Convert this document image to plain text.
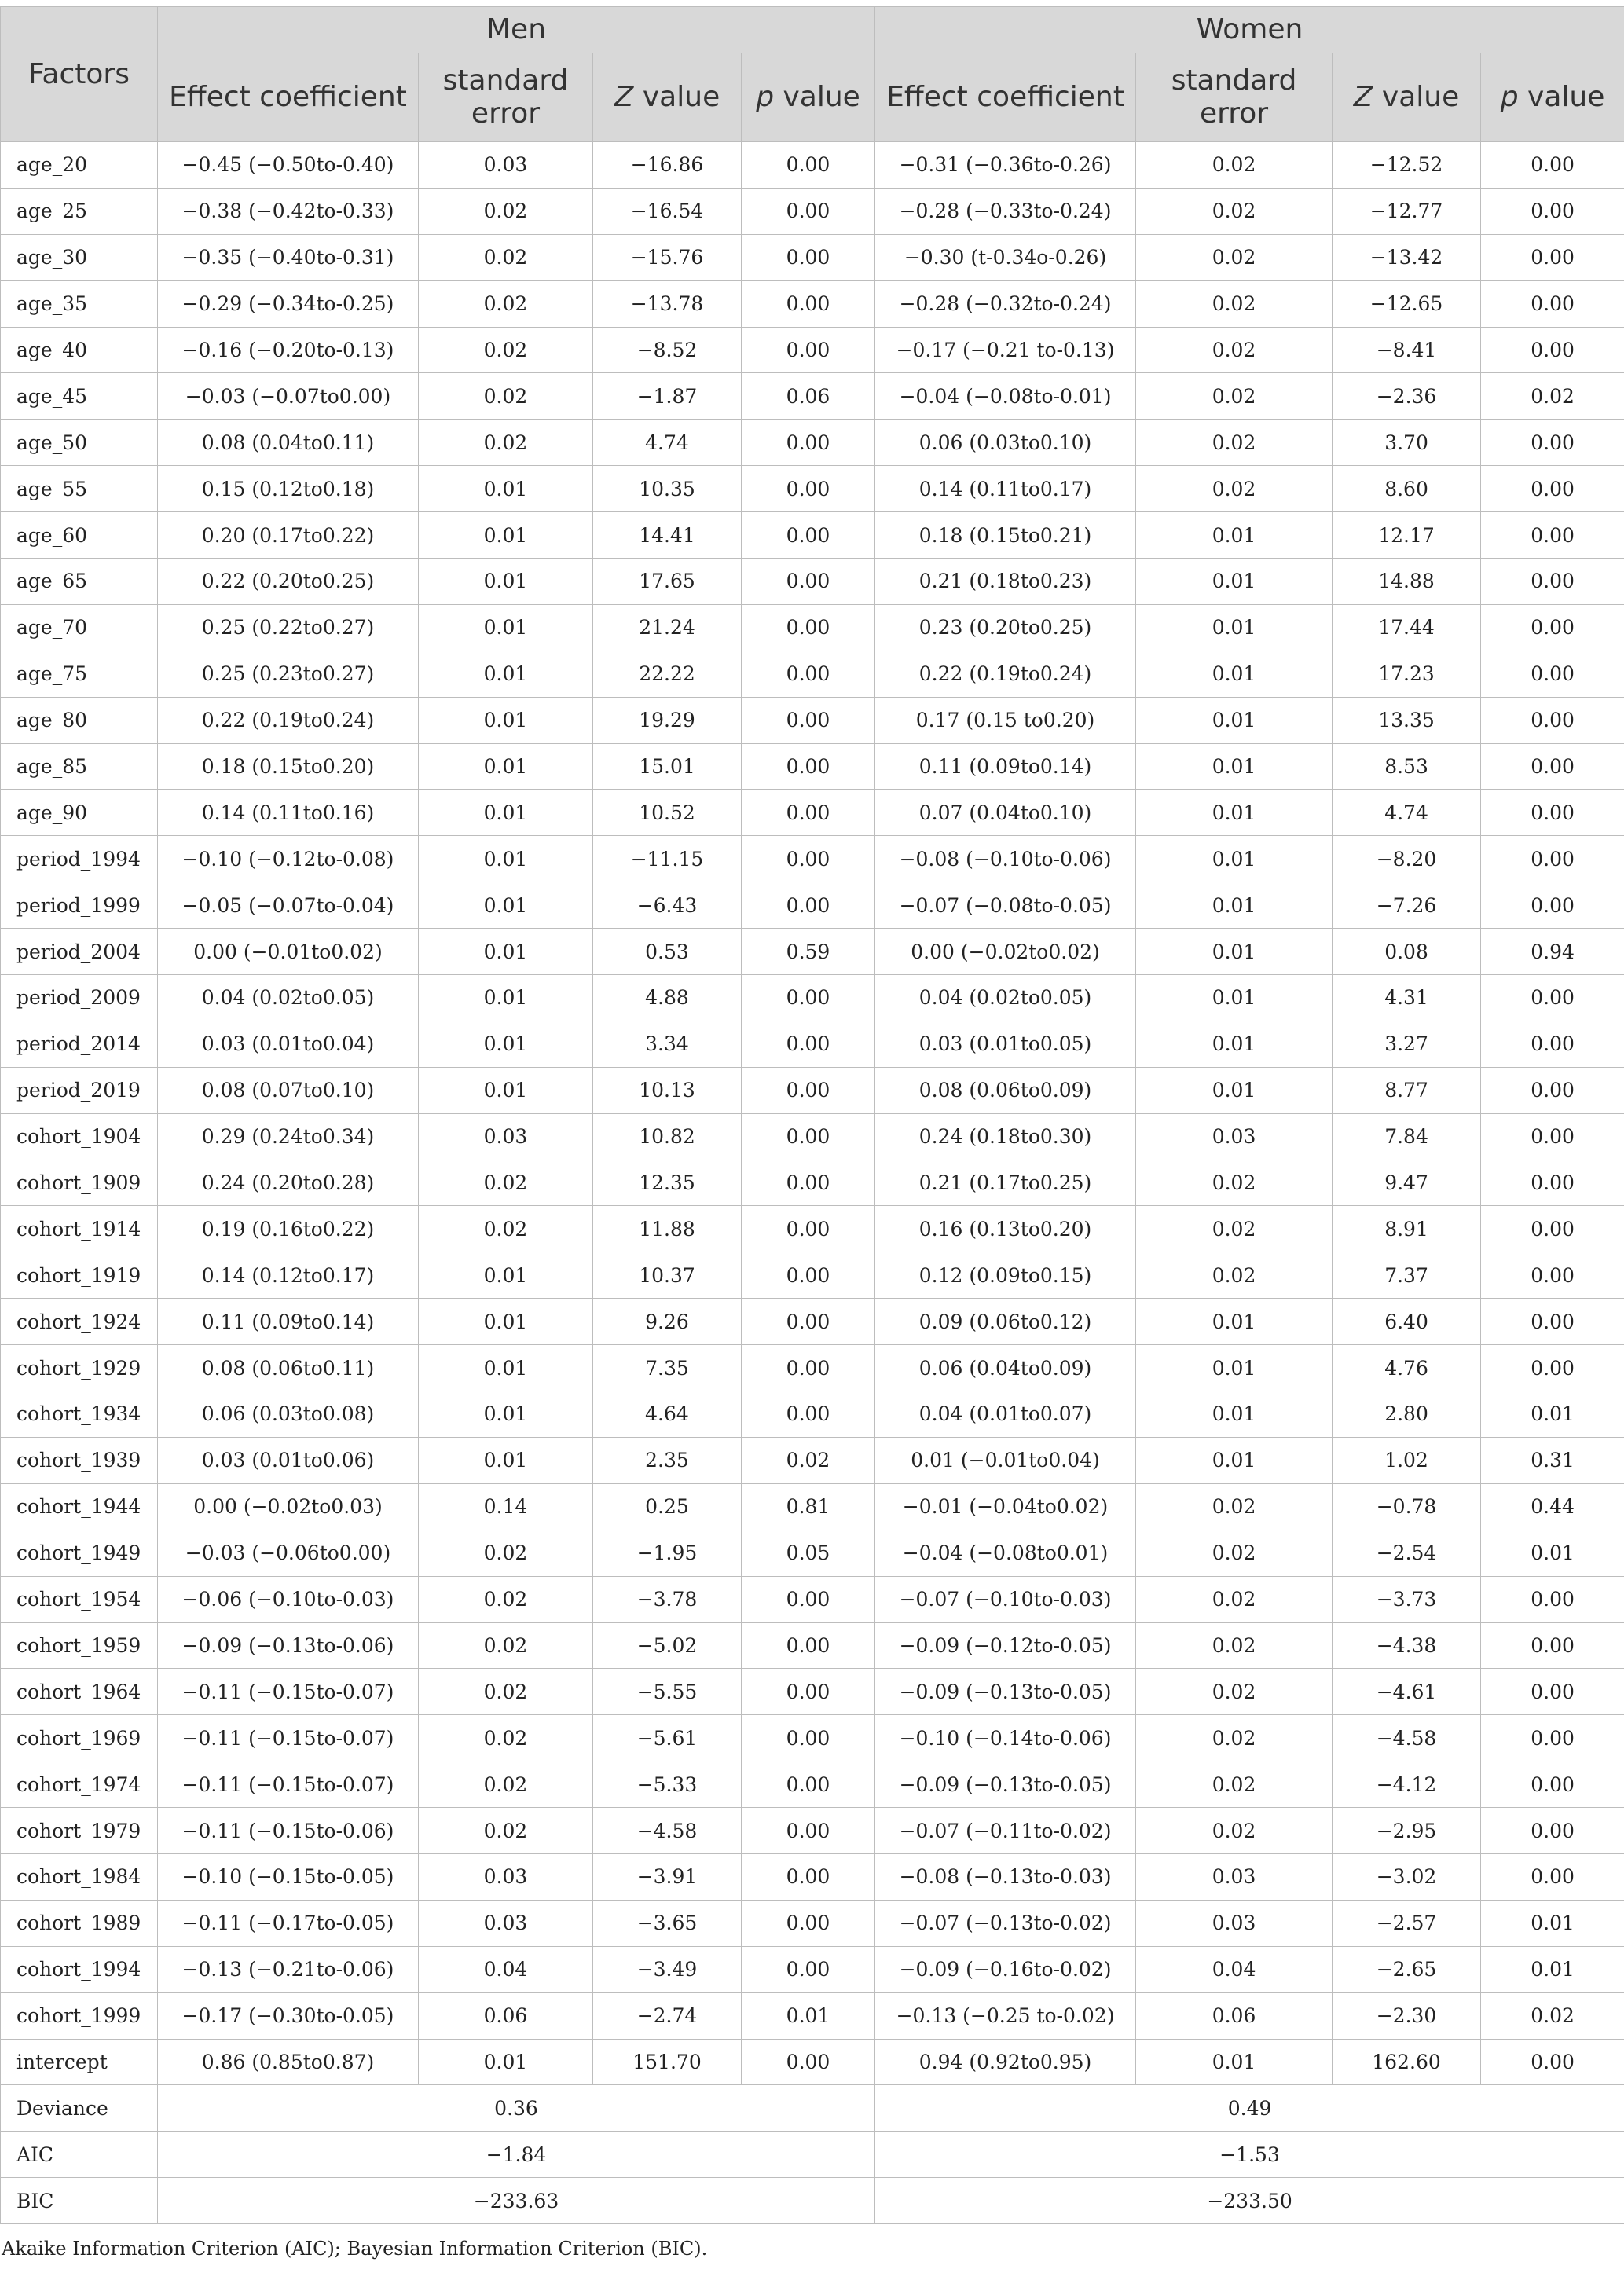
Factors	Men				Women			
	Effect coefficient	standard error	Z value	p value	Effect coefficient	standard error	Z value	p value
age_20	−0.45 (−0.50to-0.40)	0.03	−16.86	0.00	−0.31 (−0.36to-0.26)	0.02	−12.52	0.00
age_25	−0.38 (−0.42to-0.33)	0.02	−16.54	0.00	−0.28 (−0.33to-0.24)	0.02	−12.77	0.00
age_30	−0.35 (−0.40to-0.31)	0.02	−15.76	0.00	−0.30 (t-0.34o-0.26)	0.02	−13.42	0.00
age_35	−0.29 (−0.34to-0.25)	0.02	−13.78	0.00	−0.28 (−0.32to-0.24)	0.02	−12.65	0.00
age_40	−0.16 (−0.20to-0.13)	0.02	−8.52	0.00	−0.17 (−0.21 to-0.13)	0.02	−8.41	0.00
age_45	−0.03 (−0.07to0.00)	0.02	−1.87	0.06	−0.04 (−0.08to-0.01)	0.02	−2.36	0.02
age_50	0.08 (0.04to0.11)	0.02	4.74	0.00	0.06 (0.03to0.10)	0.02	3.70	0.00
age_55	0.15 (0.12to0.18)	0.01	10.35	0.00	0.14 (0.11to0.17)	0.02	8.60	0.00
age_60	0.20 (0.17to0.22)	0.01	14.41	0.00	0.18 (0.15to0.21)	0.01	12.17	0.00
age_65	0.22 (0.20to0.25)	0.01	17.65	0.00	0.21 (0.18to0.23)	0.01	14.88	0.00
age_70	0.25 (0.22to0.27)	0.01	21.24	0.00	0.23 (0.20to0.25)	0.01	17.44	0.00
age_75	0.25 (0.23to0.27)	0.01	22.22	0.00	0.22 (0.19to0.24)	0.01	17.23	0.00
age_80	0.22 (0.19to0.24)	0.01	19.29	0.00	0.17 (0.15 to0.20)	0.01	13.35	0.00
age_85	0.18 (0.15to0.20)	0.01	15.01	0.00	0.11 (0.09to0.14)	0.01	8.53	0.00
age_90	0.14 (0.11to0.16)	0.01	10.52	0.00	0.07 (0.04to0.10)	0.01	4.74	0.00
period_1994	−0.10 (−0.12to-0.08)	0.01	−11.15	0.00	−0.08 (−0.10to-0.06)	0.01	−8.20	0.00
period_1999	−0.05 (−0.07to-0.04)	0.01	−6.43	0.00	−0.07 (−0.08to-0.05)	0.01	−7.26	0.00
period_2004	0.00 (−0.01to0.02)	0.01	0.53	0.59	0.00 (−0.02to0.02)	0.01	0.08	0.94
period_2009	0.04 (0.02to0.05)	0.01	4.88	0.00	0.04 (0.02to0.05)	0.01	4.31	0.00
period_2014	0.03 (0.01to0.04)	0.01	3.34	0.00	0.03 (0.01to0.05)	0.01	3.27	0.00
period_2019	0.08 (0.07to0.10)	0.01	10.13	0.00	0.08 (0.06to0.09)	0.01	8.77	0.00
cohort_1904	0.29 (0.24to0.34)	0.03	10.82	0.00	0.24 (0.18to0.30)	0.03	7.84	0.00
cohort_1909	0.24 (0.20to0.28)	0.02	12.35	0.00	0.21 (0.17to0.25)	0.02	9.47	0.00
cohort_1914	0.19 (0.16to0.22)	0.02	11.88	0.00	0.16 (0.13to0.20)	0.02	8.91	0.00
cohort_1919	0.14 (0.12to0.17)	0.01	10.37	0.00	0.12 (0.09to0.15)	0.02	7.37	0.00
cohort_1924	0.11 (0.09to0.14)	0.01	9.26	0.00	0.09 (0.06to0.12)	0.01	6.40	0.00
cohort_1929	0.08 (0.06to0.11)	0.01	7.35	0.00	0.06 (0.04to0.09)	0.01	4.76	0.00
cohort_1934	0.06 (0.03to0.08)	0.01	4.64	0.00	0.04 (0.01to0.07)	0.01	2.80	0.01
cohort_1939	0.03 (0.01to0.06)	0.01	2.35	0.02	0.01 (−0.01to0.04)	0.01	1.02	0.31
cohort_1944	0.00 (−0.02to0.03)	0.14	0.25	0.81	−0.01 (−0.04to0.02)	0.02	−0.78	0.44
cohort_1949	−0.03 (−0.06to0.00)	0.02	−1.95	0.05	−0.04 (−0.08to0.01)	0.02	−2.54	0.01
cohort_1954	−0.06 (−0.10to-0.03)	0.02	−3.78	0.00	−0.07 (−0.10to-0.03)	0.02	−3.73	0.00
cohort_1959	−0.09 (−0.13to-0.06)	0.02	−5.02	0.00	−0.09 (−0.12to-0.05)	0.02	−4.38	0.00
cohort_1964	−0.11 (−0.15to-0.07)	0.02	−5.55	0.00	−0.09 (−0.13to-0.05)	0.02	−4.61	0.00
cohort_1969	−0.11 (−0.15to-0.07)	0.02	−5.61	0.00	−0.10 (−0.14to-0.06)	0.02	−4.58	0.00
cohort_1974	−0.11 (−0.15to-0.07)	0.02	−5.33	0.00	−0.09 (−0.13to-0.05)	0.02	−4.12	0.00
cohort_1979	−0.11 (−0.15to-0.06)	0.02	−4.58	0.00	−0.07 (−0.11to-0.02)	0.02	−2.95	0.00
cohort_1984	−0.10 (−0.15to-0.05)	0.03	−3.91	0.00	−0.08 (−0.13to-0.03)	0.03	−3.02	0.00
cohort_1989	−0.11 (−0.17to-0.05)	0.03	−3.65	0.00	−0.07 (−0.13to-0.02)	0.03	−2.57	0.01
cohort_1994	−0.13 (−0.21to-0.06)	0.04	−3.49	0.00	−0.09 (−0.16to-0.02)	0.04	−2.65	0.01
cohort_1999	−0.17 (−0.30to-0.05)	0.06	−2.74	0.01	−0.13 (−0.25 to-0.02)	0.06	−2.30	0.02
intercept	0.86 (0.85to0.87)	0.01	151.70	0.00	0.94 (0.92to0.95)	0.01	162.60	0.00
Deviance	0.36				0.49			
AIC	−1.84				−1.53			
BIC	−233.63				−233.50			
Akaike Information Criterion (AIC); Bayesian Information Criterion (BIC).
